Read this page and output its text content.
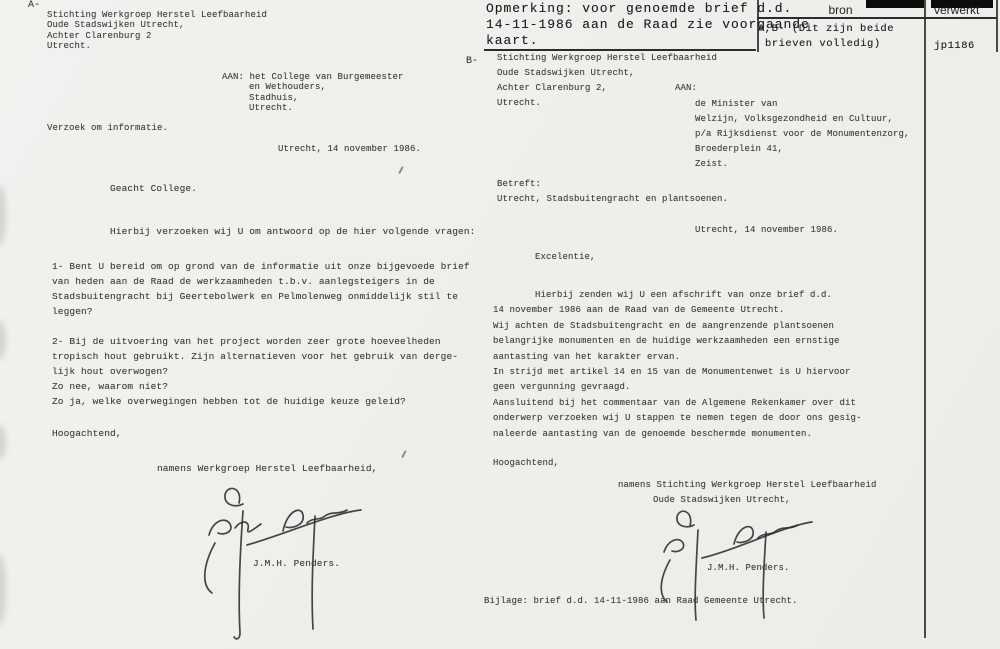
bron	verwerkt
A,B- (Dit zijn beide
brieven volledig)	jp1186
Opmerking: voor genoemde brief d.d.
14-11-1986 aan de Raad zie voorgaande
kaart.
A-
Stichting Werkgroep Herstel Leefbaarheid
Oude Stadswijken Utrecht,
Achter Clarenburg 2
Utrecht.
AAN: het College van Burgemeester
en Wethouders,
Stadhuis,
Utrecht.
Verzoek om informatie.
Utrecht, 14 november 1986.
Geacht College.
Hierbij verzoeken wij U om antwoord op de hier volgende vragen:
1- Bent U bereid om op grond van de informatie uit onze bijgevoede brief
van heden aan de Raad de werkzaamheden t.b.v. aanlegsteigers in de
Stadsbuitengracht bij Geertebolwerk en Pelmolenweg onmiddelijk stil te
leggen?
2- Bij de uitvoering van het project worden zeer grote hoeveelheden
tropisch hout gebruikt. Zijn alternatieven voor het gebruik van derge-
lijk hout overwogen?
Zo nee, waarom niet?
Zo ja, welke overwegingen hebben tot de huidige keuze geleid?
Hoogachtend,
namens Werkgroep Herstel Leefbaarheid,
J.M.H. Penders.
B- Stichting Werkgroep Herstel Leefbaarheid
Oude Stadswijken Utrecht,
Achter Clarenburg 2,
Utrecht.
AAN:
de Minister van
Welzijn, Volksgezondheid en Cultuur,
p/a Rijksdienst voor de Monumentenzorg,
Broederplein 41,
Zeist.
Betreft:
Utrecht, Stadsbuitengracht en plantsoenen.
Utrecht, 14 november 1986.
Excelentie,
Hierbij zenden wij U een afschrift van onze brief d.d.
14 november 1986 aan de Raad van de Gemeente Utrecht.
Wij achten de Stadsbuitengracht en de aangrenzende plantsoenen
belangrijke monumenten en de huidige werkzaamheden een ernstige
aantasting van het karakter ervan.
In strijd met artikel 14 en 15 van de Monumentenwet is U hiervoor
geen vergunning gevraagd.
Aansluitend bij het commentaar van de Algemene Rekenkamer over dit
onderwerp verzoeken wij U stappen te nemen tegen de door ons gesig-
naleerde aantasting van de genoemde beschermde monumenten.
Hoogachtend,
namens Stichting Werkgroep Herstel Leefbaarheid
Oude Stadswijken Utrecht,
J.M.H. Penders.
Bijlage: brief d.d. 14-11-1986 aan Raad Gemeente Utrecht.
